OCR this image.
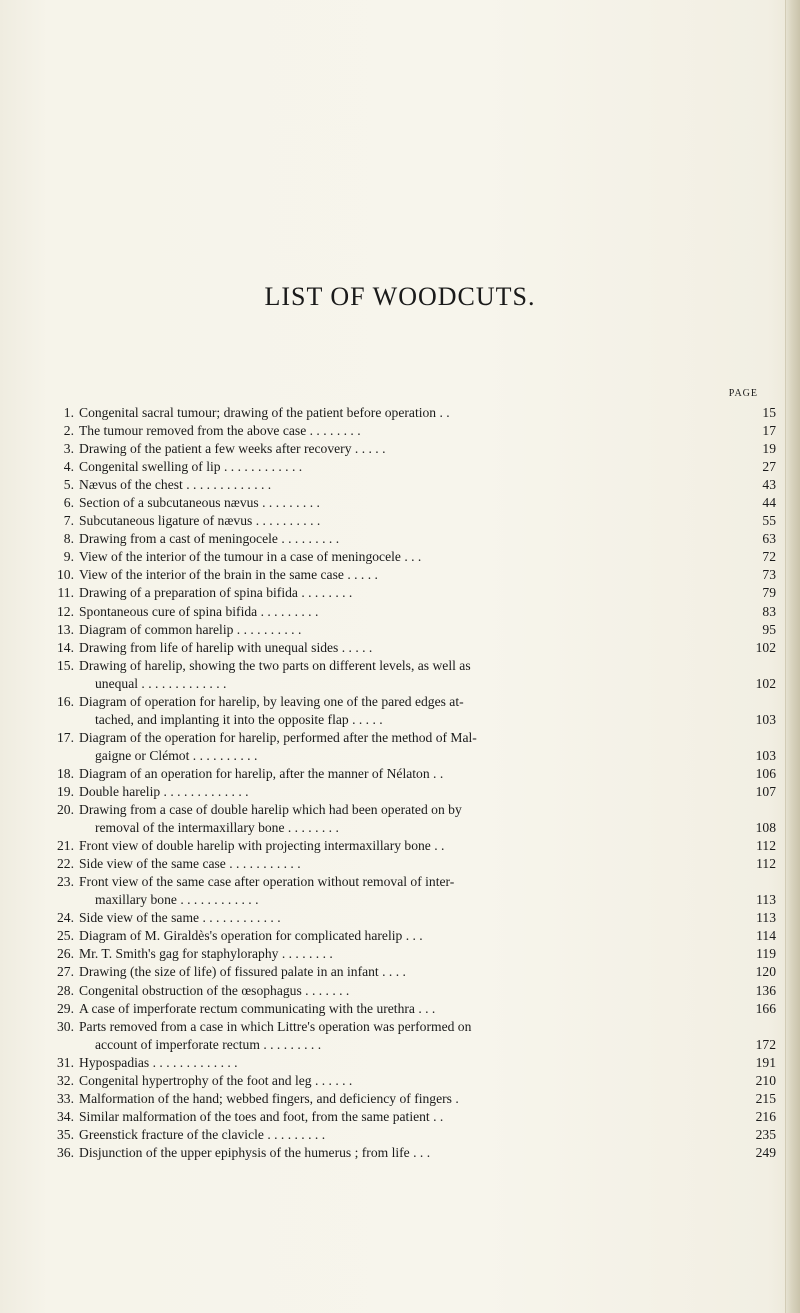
LIST OF WOODCUTS.
PAGE
1. Congenital sacral tumour; drawing of the patient before operation . .	15
2. The tumour removed from the above case . . . . . . . .	17
3. Drawing of the patient a few weeks after recovery . . . . .	19
4. Congenital swelling of lip . . . . . . . . . . . .	27
5. Nævus of the chest . . . . . . . . . . . . .	43
6. Section of a subcutaneous nævus . . . . . . . . .	44
7. Subcutaneous ligature of nævus . . . . . . . . . .	55
8. Drawing from a cast of meningocele . . . . . . . . .	63
9. View of the interior of the tumour in a case of meningocele . . .	72
10. View of the interior of the brain in the same case . . . . .	73
11. Drawing of a preparation of spina bifida . . . . . . . .	79
12. Spontaneous cure of spina bifida . . . . . . . . .	83
13. Diagram of common harelip . . . . . . . . . .	95
14. Drawing from life of harelip with unequal sides . . . . .	102
15. Drawing of harelip, showing the two parts on different levels, as well as
unequal . . . . . . . . . . . . .	102
16. Diagram of operation for harelip, by leaving one of the pared edges at-
tached, and implanting it into the opposite flap . . . . .	103
17. Diagram of the operation for harelip, performed after the method of Mal-
gaigne or Clémot . . . . . . . . . .	103
18. Diagram of an operation for harelip, after the manner of Nélaton . .	106
19. Double harelip . . . . . . . . . . . . .	107
20. Drawing from a case of double harelip which had been operated on by
removal of the intermaxillary bone . . . . . . . .	108
21. Front view of double harelip with projecting intermaxillary bone . .	112
22. Side view of the same case . . . . . . . . . . .	112
23. Front view of the same case after operation without removal of inter-
maxillary bone . . . . . . . . . . . .	113
24. Side view of the same . . . . . . . . . . . .	113
25. Diagram of M. Giraldès's operation for complicated harelip . . .	114
26. Mr. T. Smith's gag for staphyloraphy . . . . . . . .	119
27. Drawing (the size of life) of fissured palate in an infant . . . .	120
28. Congenital obstruction of the œsophagus . . . . . . .	136
29. A case of imperforate rectum communicating with the urethra . . .	166
30. Parts removed from a case in which Littre's operation was performed on
account of imperforate rectum . . . . . . . . .	172
31. Hypospadias . . . . . . . . . . . . .	191
32. Congenital hypertrophy of the foot and leg . . . . . .	210
33. Malformation of the hand; webbed fingers, and deficiency of fingers .	215
34. Similar malformation of the toes and foot, from the same patient . .	216
35. Greenstick fracture of the clavicle . . . . . . . . .	235
36. Disjunction of the upper epiphysis of the humerus ; from life . . .	249
